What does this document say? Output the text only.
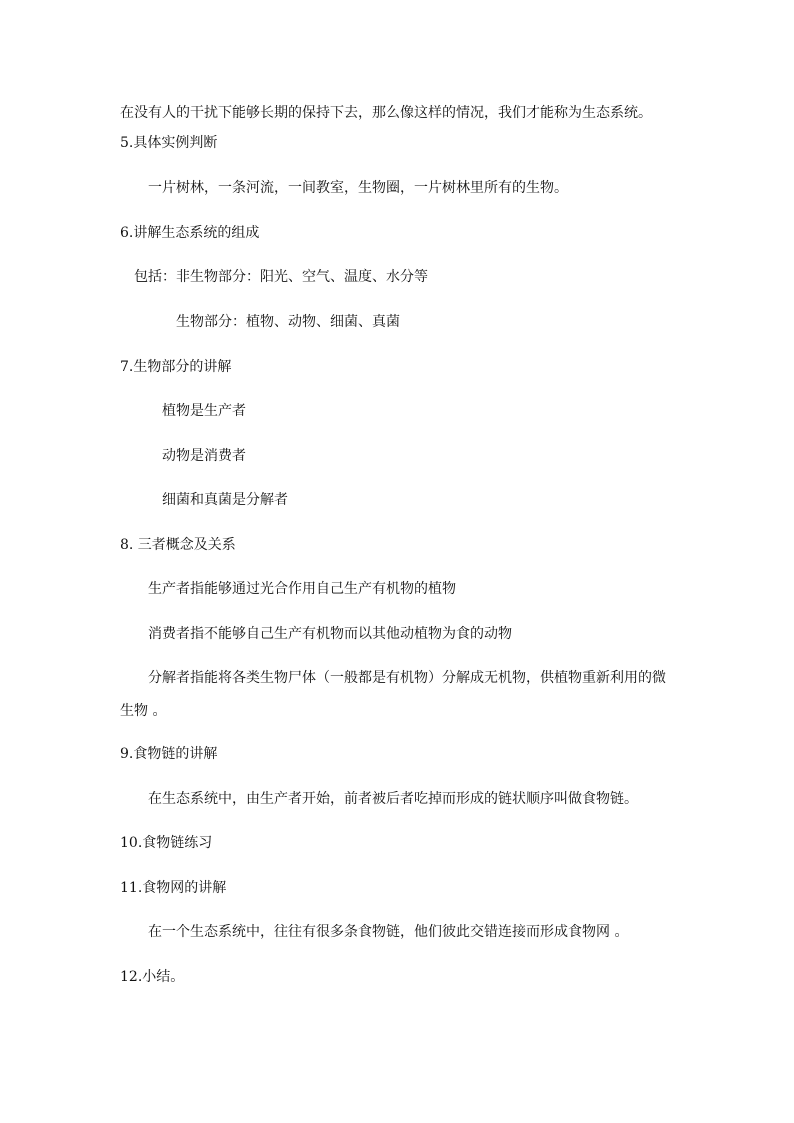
在没有人的干扰下能够长期的保持下去，那么像这样的情况，我们才能称为生态系统。

5.具体实例判断

一片树林，一条河流，一间教室，生物圈，一片树林里所有的生物。

6.讲解生态系统的组成

包括：非生物部分：阳光、空气、温度、水分等

生物部分：植物、动物、细菌、真菌

7.生物部分的讲解

植物是生产者

动物是消费者

细菌和真菌是分解者

8. 三者概念及关系

生产者指能够通过光合作用自己生产有机物的植物

消费者指不能够自己生产有机物而以其他动植物为食的动物

分解者指能将各类生物尸体（一般都是有机物）分解成无机物，供植物重新利用的微

生物 。

9.食物链的讲解

在生态系统中，由生产者开始，前者被后者吃掉而形成的链状顺序叫做食物链。

10.食物链练习

11.食物网的讲解

在一个生态系统中，往往有很多条食物链，他们彼此交错连接而形成食物网 。

12.小结。
